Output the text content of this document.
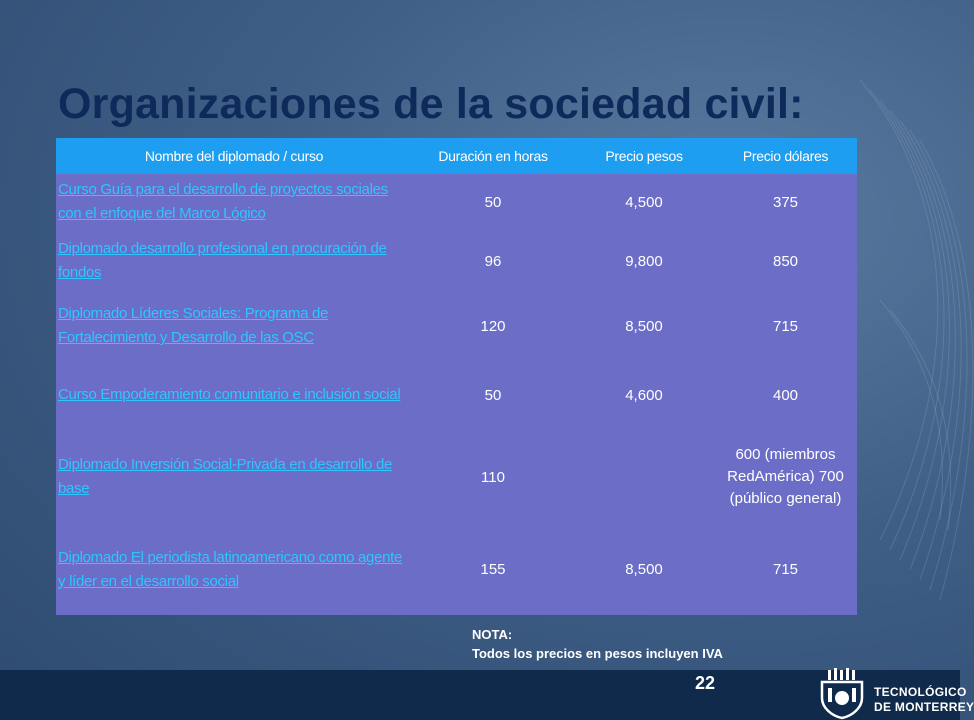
Organizaciones de la sociedad civil:
Nombre del diplomado / curso	Duración en horas	Precio pesos	Precio dólares
Curso Guía para el desarrollo de proyectos sociales con el enfoque del Marco Lógico	50	4,500	375
Diplomado desarrollo profesional en procuración de fondos	96	9,800	850
Diplomado Líderes Sociales: Programa de Fortalecimiento y Desarrollo de las OSC	120	8,500	715
Curso Empoderamiento comunitario e inclusión social	50	4,600	400
Diplomado Inversión Social-Privada en desarrollo de base	110		600 (miembros RedAmérica) 700 (público general)
Diplomado El periodista latinoamericano como agente y líder en el desarrollo social	155	8,500	715
NOTA:
Todos los precios en pesos incluyen IVA
22	TECNOLÓGICO
DE MONTERREY
